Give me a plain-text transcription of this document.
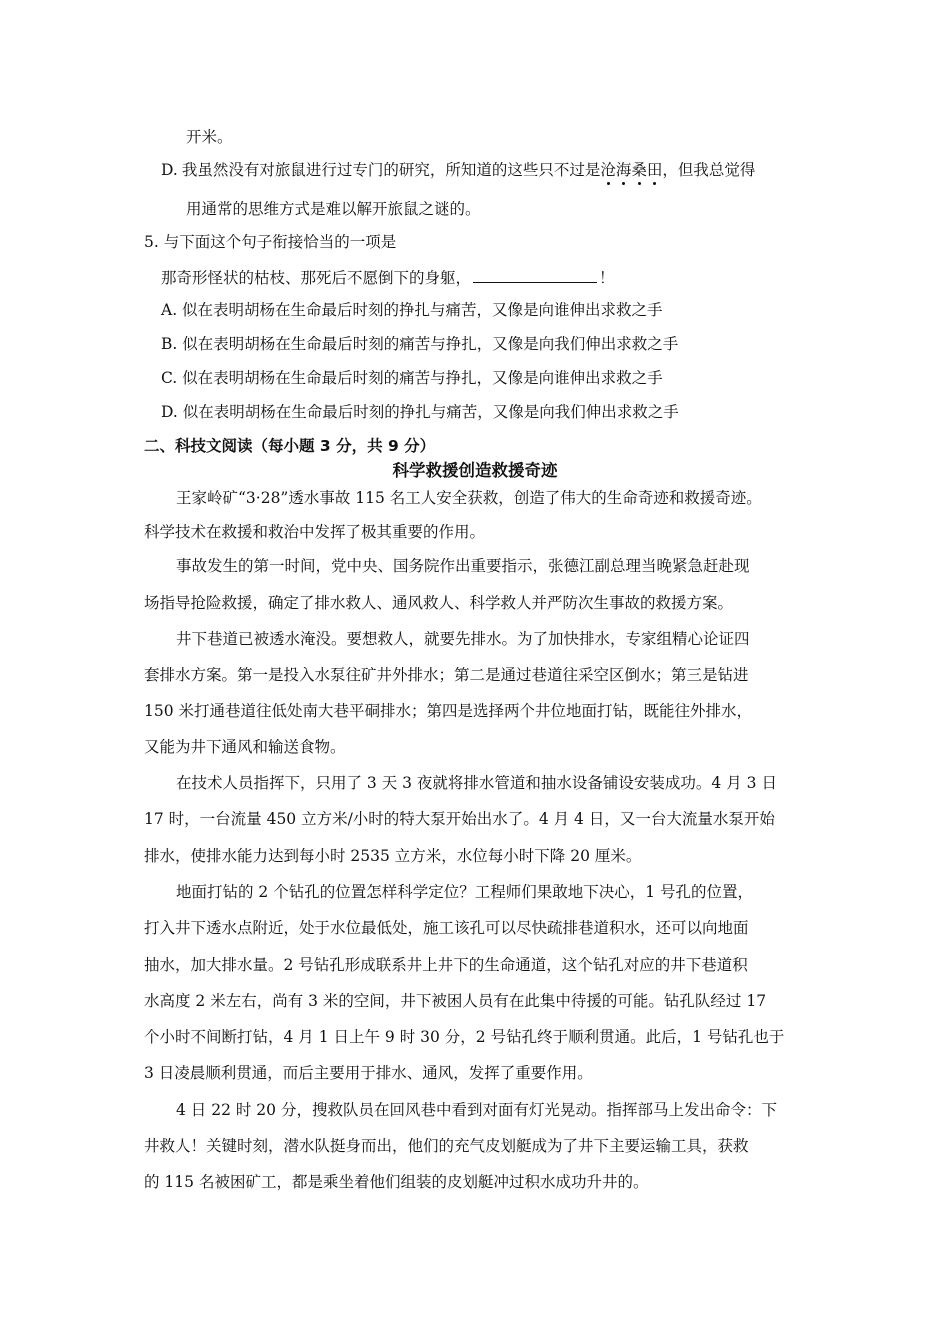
开米。
D. 我虽然没有对旅鼠进行过专门的研究，所知道的这些只不过是沧
海
桑
田
，但我总觉得
用通常的思维方式是难以解开旅鼠之谜的。
5. 与下面这个句子衔接恰当的一项是
那奇形怪状的枯枝、那死后不愿倒下的身躯，	！
A. 似在表明胡杨在生命最后时刻的挣扎与痛苦，又像是向谁伸出求救之手
B. 似在表明胡杨在生命最后时刻的痛苦与挣扎，又像是向我们伸出求救之手
C. 似在表明胡杨在生命最后时刻的痛苦与挣扎，又像是向谁伸出求救之手
D. 似在表明胡杨在生命最后时刻的挣扎与痛苦，又像是向我们伸出求救之手
二、科技文阅读（每小题 3 分，共 9 分）
科学救援创造救援奇迹
王家岭矿“3·28”透水事故 115 名工人安全获救，创造了伟大的生命奇迹和救援奇迹。
科学技术在救援和救治中发挥了极其重要的作用。
事故发生的第一时间，党中央、国务院作出重要指示，张德江副总理当晚紧急赶赴现
场指导抢险救援，确定了排水救人、通风救人、科学救人并严防次生事故的救援方案。
井下巷道已被透水淹没。要想救人，就要先排水。为了加快排水，专家组精心论证四
套排水方案。第一是投入水泵往矿井外排水；第二是通过巷道往采空区倒水；第三是钻进
150 米打通巷道往低处南大巷平硐排水；第四是选择两个井位地面打钻，既能往外排水，
又能为井下通风和输送食物。
在技术人员指挥下，只用了 3 天 3 夜就将排水管道和抽水设备铺设安装成功。4 月 3 日
17 时，一台流量 450 立方米/小时的特大泵开始出水了。4 月 4 日，又一台大流量水泵开始
排水，使排水能力达到每小时 2535 立方米，水位每小时下降 20 厘米。
地面打钻的 2 个钻孔的位置怎样科学定位？工程师们果敢地下决心，1 号孔的位置，
打入井下透水点附近，处于水位最低处，施工该孔可以尽快疏排巷道积水，还可以向地面
抽水，加大排水量。2 号钻孔形成联系井上井下的生命通道，这个钻孔对应的井下巷道积
水高度 2 米左右，尚有 3 米的空间，井下被困人员有在此集中待援的可能。钻孔队经过 17
个小时不间断打钻，4 月 1 日上午 9 时 30 分，2 号钻孔终于顺利贯通。此后，1 号钻孔也于
3 日凌晨顺利贯通，而后主要用于排水、通风，发挥了重要作用。
4 日 22 时 20 分，搜救队员在回风巷中看到对面有灯光晃动。指挥部马上发出命令：下
井救人！关键时刻，潜水队挺身而出，他们的充气皮划艇成为了井下主要运输工具，获救
的 115 名被困矿工，都是乘坐着他们组装的皮划艇冲过积水成功升井的。
